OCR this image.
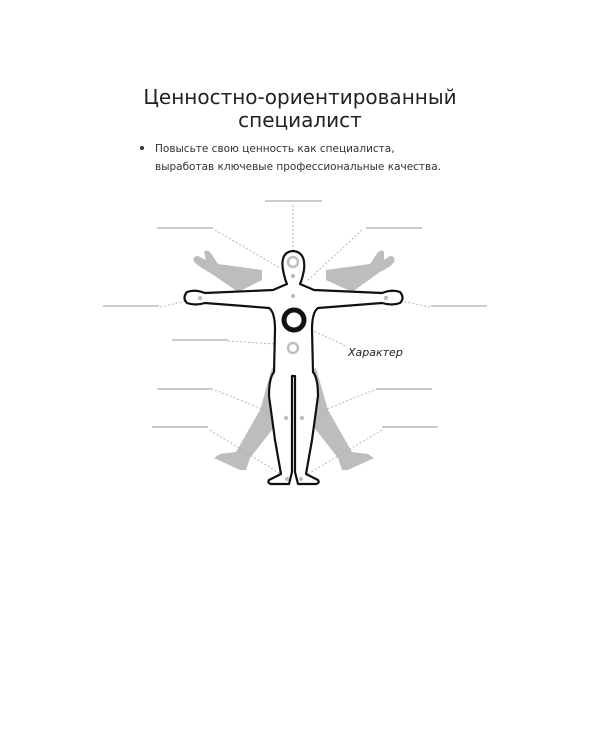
Ценностно-ориентированный
специалист
Повысьте свою ценность как специалиста,
выработав ключевые профессиональные качества.
Характер
